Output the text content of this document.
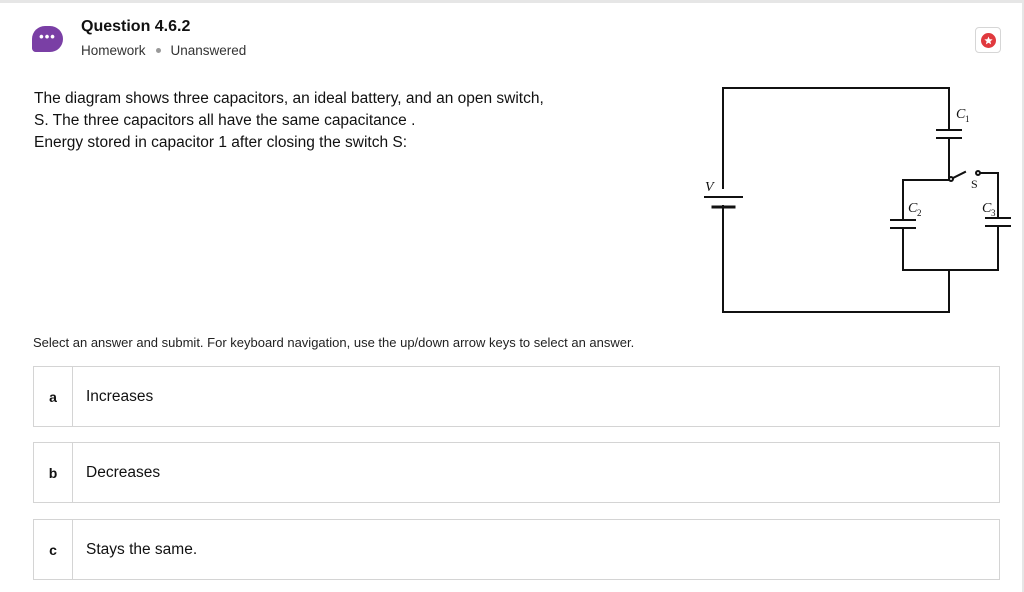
•••
Question 4.6.2
Homework Unanswered
The diagram shows three capacitors, an ideal battery, and an open switch,
S. The three capacitors all have the same capacitance .
Energy stored in capacitor 1 after closing the switch S:
V
C 1
C 2	C 3
S
Select an answer and submit. For keyboard navigation, use the up/down arrow keys to select an answer.
a	Increases
b	Decreases
c	Stays the same.
